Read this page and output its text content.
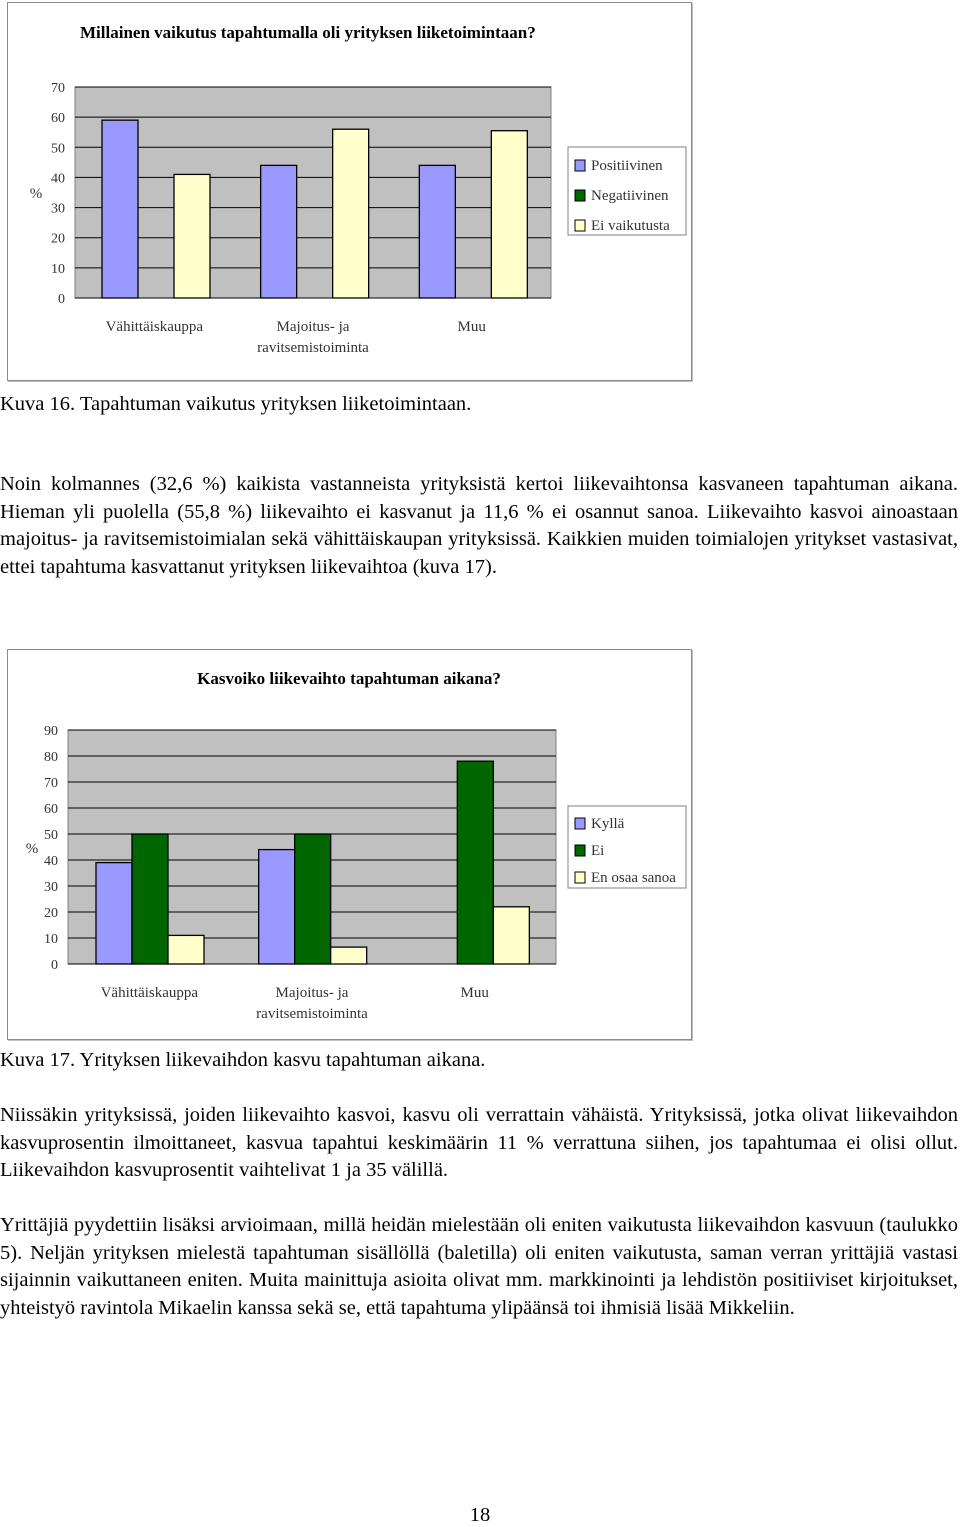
Millainen vaikutus tapahtumalla oli yrityksen liiketoimintaan?
0
10
20
30
40
50
60
70
%
Vähittäiskauppa	Majoitus- ja
ravitsemistoiminta
Muu
Positiivinen
Negatiivinen
Ei vaikutusta
Kuva 16. Tapahtuman vaikutus yrityksen liiketoimintaan.

Noin kolmannes (32,6 %) kaikista vastanneista yrityksistä kertoi liikevaihtonsa kasvaneen tapahtuman aikana. Hieman yli puolella (55,8 %) liikevaihto ei kasvanut ja 11,6 % ei osannut sanoa. Liikevaihto kasvoi ainoastaan majoitus- ja ravitsemistoimialan sekä vähittäiskaupan yrityksissä. Kaikkien muiden toimialojen yritykset vastasivat, ettei tapahtuma kasvattanut yrityksen liikevaihtoa (kuva 17).

Kasvoiko liikevaihto tapahtuman aikana?
0
10
20
30
40
50
60
70
80
90
%
Vähittäiskauppa	Majoitus- ja
ravitsemistoiminta
Muu
Kyllä
Ei
En osaa sanoa
Kuva 17. Yrityksen liikevaihdon kasvu tapahtuman aikana.

Niissäkin yrityksissä, joiden liikevaihto kasvoi, kasvu oli verrattain vähäistä. Yrityksissä, jotka olivat liikevaihdon kasvuprosentin ilmoittaneet, kasvua tapahtui keskimäärin 11 % verrattuna siihen, jos tapahtumaa ei olisi ollut. Liikevaihdon kasvuprosentit vaihtelivat 1 ja 35 välillä.

Yrittäjiä pyydettiin lisäksi arvioimaan, millä heidän mielestään oli eniten vaikutusta liikevaihdon kasvuun (taulukko 5). Neljän yrityksen mielestä tapahtuman sisällöllä (baletilla) oli eniten vaikutusta, saman verran yrittäjiä vastasi sijainnin vaikuttaneen eniten. Muita mainittuja asioita olivat mm. markkinointi ja lehdistön positiiviset kirjoitukset, yhteistyö ravintola Mikaelin kanssa sekä se, että tapahtuma ylipäänsä toi ihmisiä lisää Mikkeliin.

18
